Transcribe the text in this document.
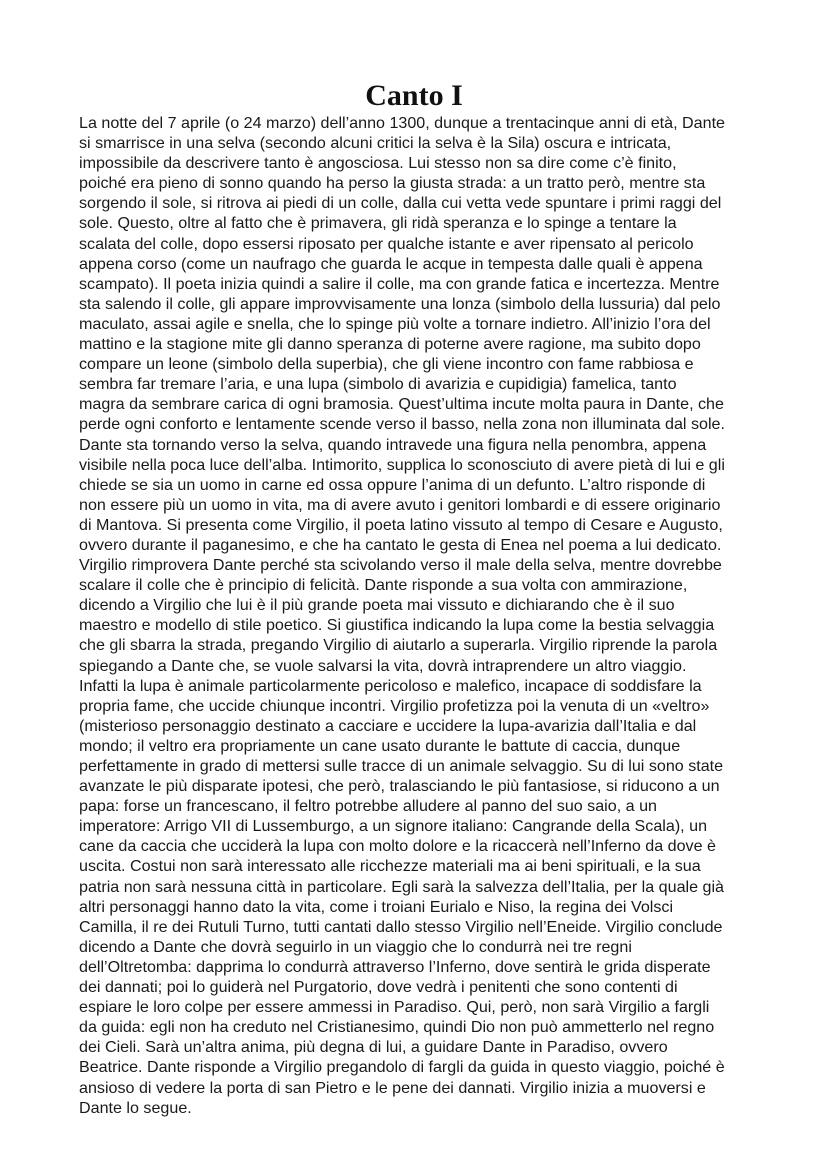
Canto I
La notte del 7 aprile (o 24 marzo) dell’anno 1300, dunque a trentacinque anni di età, Dante
si smarrisce in una selva (secondo alcuni critici la selva è la Sila) oscura e intricata,
impossibile da descrivere tanto è angosciosa. Lui stesso non sa dire come c’è finito,
poiché era pieno di sonno quando ha perso la giusta strada: a un tratto però, mentre sta
sorgendo il sole, si ritrova ai piedi di un colle, dalla cui vetta vede spuntare i primi raggi del
sole. Questo, oltre al fatto che è primavera, gli ridà speranza e lo spinge a tentare la
scalata del colle, dopo essersi riposato per qualche istante e aver ripensato al pericolo
appena corso (come un naufrago che guarda le acque in tempesta dalle quali è appena
scampato). Il poeta inizia quindi a salire il colle, ma con grande fatica e incertezza. Mentre
sta salendo il colle, gli appare improvvisamente una lonza (simbolo della lussuria) dal pelo
maculato, assai agile e snella, che lo spinge più volte a tornare indietro. All’inizio l’ora del
mattino e la stagione mite gli danno speranza di poterne avere ragione, ma subito dopo
compare un leone (simbolo della superbia), che gli viene incontro con fame rabbiosa e
sembra far tremare l’aria, e una lupa (simbolo di avarizia e cupidigia) famelica, tanto
magra da sembrare carica di ogni bramosia. Quest’ultima incute molta paura in Dante, che
perde ogni conforto e lentamente scende verso il basso, nella zona non illuminata dal sole.
Dante sta tornando verso la selva, quando intravede una figura nella penombra, appena
visibile nella poca luce dell’alba. Intimorito, supplica lo sconosciuto di avere pietà di lui e gli
chiede se sia un uomo in carne ed ossa oppure l’anima di un defunto. L’altro risponde di
non essere più un uomo in vita, ma di avere avuto i genitori lombardi e di essere originario
di Mantova. Si presenta come Virgilio, il poeta latino vissuto al tempo di Cesare e Augusto,
ovvero durante il paganesimo, e che ha cantato le gesta di Enea nel poema a lui dedicato.
Virgilio rimprovera Dante perché sta scivolando verso il male della selva, mentre dovrebbe
scalare il colle che è principio di felicità. Dante risponde a sua volta con ammirazione,
dicendo a Virgilio che lui è il più grande poeta mai vissuto e dichiarando che è il suo
maestro e modello di stile poetico. Si giustifica indicando la lupa come la bestia selvaggia
che gli sbarra la strada, pregando Virgilio di aiutarlo a superarla. Virgilio riprende la parola
spiegando a Dante che, se vuole salvarsi la vita, dovrà intraprendere un altro viaggio.
Infatti la lupa è animale particolarmente pericoloso e malefico, incapace di soddisfare la
propria fame, che uccide chiunque incontri. Virgilio profetizza poi la venuta di un «veltro»
(misterioso personaggio destinato a cacciare e uccidere la lupa-avarizia dall’Italia e dal
mondo; il veltro era propriamente un cane usato durante le battute di caccia, dunque
perfettamente in grado di mettersi sulle tracce di un animale selvaggio. Su di lui sono state
avanzate le più disparate ipotesi, che però, tralasciando le più fantasiose, si riducono a un
papa: forse un francescano, il feltro potrebbe alludere al panno del suo saio, a un
imperatore: Arrigo VII di Lussemburgo, a un signore italiano: Cangrande della Scala), un
cane da caccia che ucciderà la lupa con molto dolore e la ricaccerà nell’Inferno da dove è
uscita. Costui non sarà interessato alle ricchezze materiali ma ai beni spirituali, e la sua
patria non sarà nessuna città in particolare. Egli sarà la salvezza dell’Italia, per la quale già
altri personaggi hanno dato la vita, come i troiani Eurialo e Niso, la regina dei Volsci
Camilla, il re dei Rutuli Turno, tutti cantati dallo stesso Virgilio nell’Eneide. Virgilio conclude
dicendo a Dante che dovrà seguirlo in un viaggio che lo condurrà nei tre regni
dell’Oltretomba: dapprima lo condurrà attraverso l’Inferno, dove sentirà le grida disperate
dei dannati; poi lo guiderà nel Purgatorio, dove vedrà i penitenti che sono contenti di
espiare le loro colpe per essere ammessi in Paradiso. Qui, però, non sarà Virgilio a fargli
da guida: egli non ha creduto nel Cristianesimo, quindi Dio non può ammetterlo nel regno
dei Cieli. Sarà un’altra anima, più degna di lui, a guidare Dante in Paradiso, ovvero
Beatrice. Dante risponde a Virgilio pregandolo di fargli da guida in questo viaggio, poiché è
ansioso di vedere la porta di san Pietro e le pene dei dannati. Virgilio inizia a muoversi e
Dante lo segue.
